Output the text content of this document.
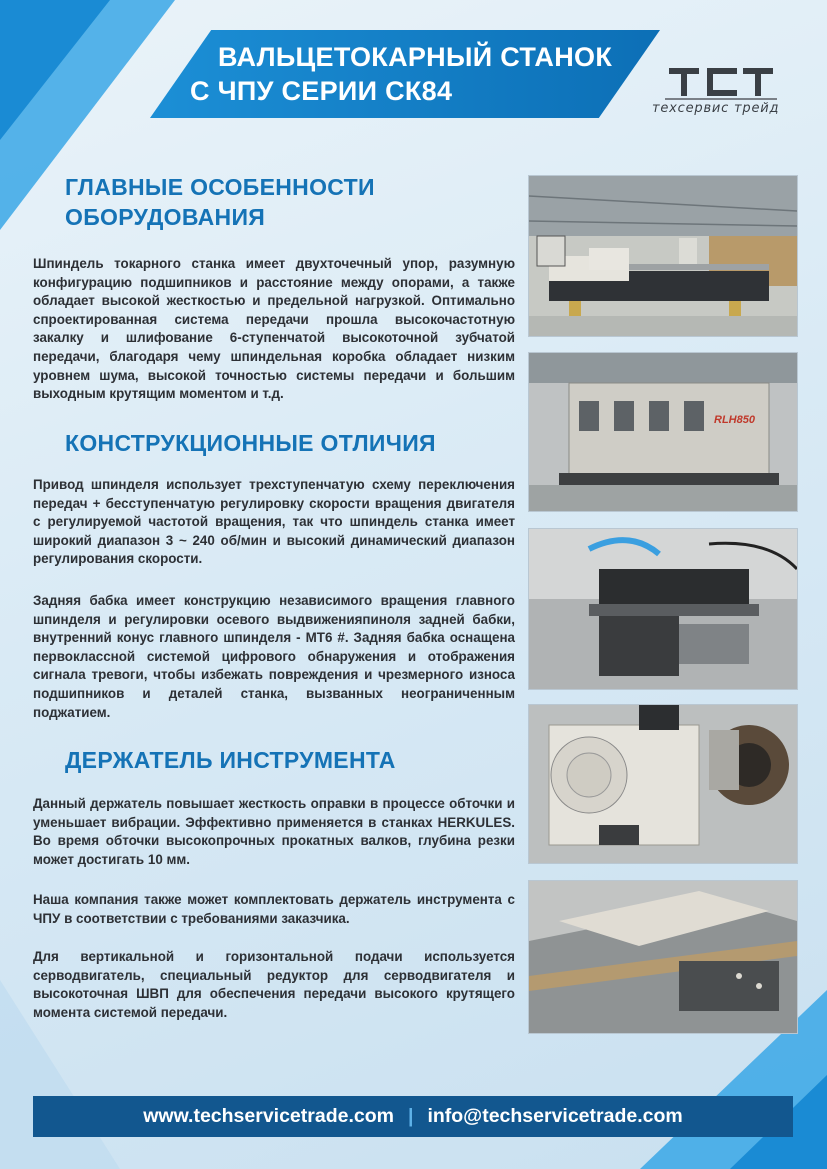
ВАЛЬЦЕТОКАРНЫЙ СТАНОК
С ЧПУ СЕРИИ СК84	ТСТ
техсервис трейд
ГЛАВНЫЕ ОСОБЕННОСТИ
ОБОРУДОВАНИЯ

Шпиндель токарного станка имеет двухточечный упор, разумную конфигурацию подшипников и расстояние между опорами, а также обладает высокой жесткостью и предельной нагрузкой. Оптимально спроектированная система передачи прошла высокочастотную закалку и шлифование 6-ступенчатой высокоточной зубчатой передачи, благодаря чему шпиндельная коробка обладает низким уровнем шума, высокой точностью системы передачи и большим выходным крутящим моментом и т.д.

КОНСТРУКЦИОННЫЕ ОТЛИЧИЯ

Привод шпинделя использует трехступенчатую схему переключения передач + бесступенчатую регулировку скорости вращения двигателя с регулируемой частотой вращения, так что шпиндель станка имеет широкий диапазон 3 ~ 240 об/мин и высокий динамический диапазон регулирования скорости.

Задняя бабка имеет конструкцию независимого вращения главного шпинделя и регулировки осевого выдвиженияпиноля задней бабки, внутренний конус главного шпинделя - МТ6 #. Задняя бабка оснащена первоклассной системой цифрового обнаружения и отображения сигнала тревоги, чтобы избежать повреждения и чрезмерного износа подшипников и деталей станка, вызванных неограниченным поджатием.

ДЕРЖАТЕЛЬ ИНСТРУМЕНТА

Данный держатель повышает жесткость оправки в процессе обточки и уменьшает вибрации. Эффективно применяется в станках HERKULES. Во время обточки высокопрочных прокатных валков, глубина резки может достигать 10 мм.

Наша компания также может комплектовать держатель инструмента с ЧПУ в соответствии с требованиями заказчика.

Для вертикальной и горизонтальной подачи используется серводвигатель, специальный редуктор для серводвигателя и высокоточная ШВП для обеспечения передачи высокого крутящего момента системой передачи.

RLH850
www.techservicetrade.com | info@techservicetrade.com
